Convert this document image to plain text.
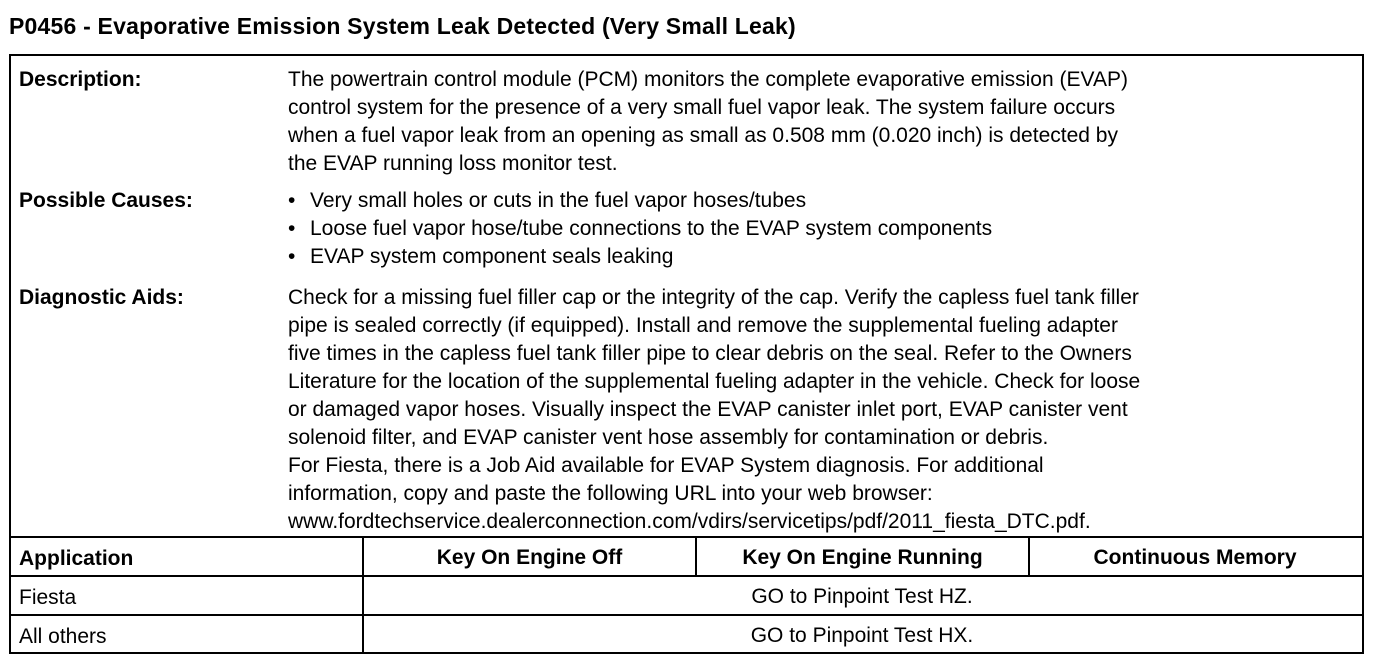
P0456 - Evaporative Emission System Leak Detected (Very Small Leak)
Description:	The powertrain control module (PCM) monitors the complete evaporative emission (EVAP)
control system for the presence of a very small fuel vapor leak. The system failure occurs
when a fuel vapor leak from an opening as small as 0.508 mm (0.020 inch) is detected by
the EVAP running loss monitor test.
Possible Causes:
•	Very small holes or cuts in the fuel vapor hoses/tubes
• Loose fuel vapor hose/tube connections to the EVAP system components
• EVAP system component seals leaking
Diagnostic Aids:	Check for a missing fuel filler cap or the integrity of the cap. Verify the capless fuel tank filler
pipe is sealed correctly (if equipped). Install and remove the supplemental fueling adapter
five times in the capless fuel tank filler pipe to clear debris on the seal. Refer to the Owners
Literature for the location of the supplemental fueling adapter in the vehicle. Check for loose
or damaged vapor hoses. Visually inspect the EVAP canister inlet port, EVAP canister vent
solenoid filter, and EVAP canister vent hose assembly for contamination or debris.
For Fiesta, there is a Job Aid available for EVAP System diagnosis. For additional
information, copy and paste the following URL into your web browser:
www.fordtechservice.dealerconnection.com/vdirs/servicetips/pdf/2011_fiesta_DTC.pdf.
Application	Key On Engine Off	Key On Engine Running	Continuous Memory
Fiesta	GO to Pinpoint Test HZ.
All others	GO to Pinpoint Test HX.
